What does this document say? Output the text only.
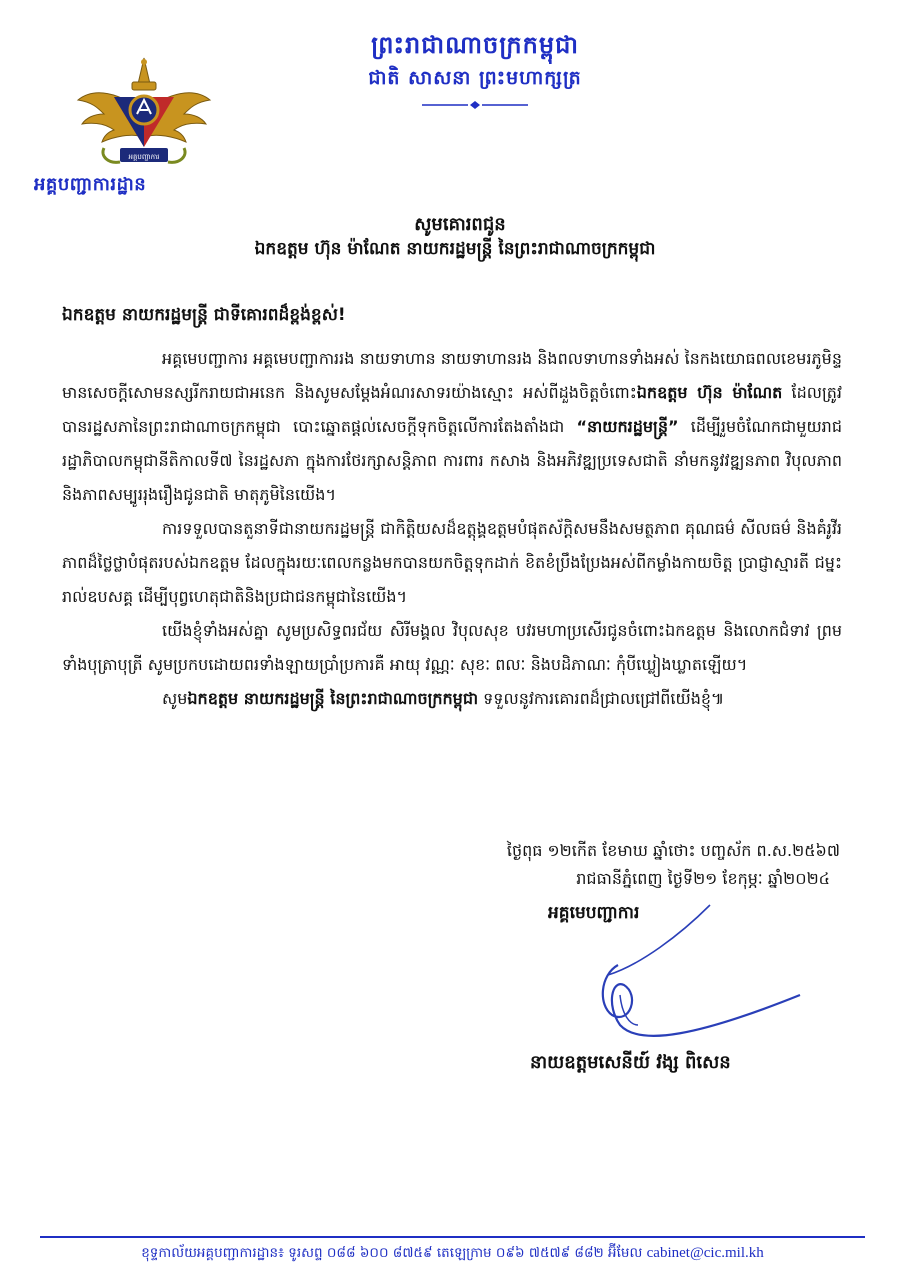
អគ្គបញ្ជាការ
អគ្គបញ្ជាការដ្ឋាន
ព្រះរាជាណាចក្រកម្ពុជា
ជាតិ សាសនា ព្រះមហាក្សត្រ
សូមគោរពជូន
ឯកឧត្តម ហ៊ុន ម៉ាណែត នាយករដ្ឋមន្ត្រី នៃព្រះរាជាណាចក្រកម្ពុជា
ឯកឧត្តម នាយករដ្ឋមន្ត្រី ជាទីគោរពដ៏ខ្ពង់ខ្ពស់!

អគ្គមេបញ្ជាការ អគ្គមេបញ្ជាការរង នាយទាហាន នាយទាហានរង និងពលទាហានទាំងអស់ នៃកងយោធពលខេមរភូមិន្ទ មានសេចក្តីសោមនស្សរីករាយជាអនេក និងសូមសម្តែងអំណរសាទរយ៉ាងស្មោះ អស់ពីដួងចិត្តចំពោះឯកឧត្តម ហ៊ុន ម៉ាណែត ដែលត្រូវបានរដ្ឋសភានៃព្រះរាជាណាចក្រកម្ពុជា បោះឆ្នោតផ្តល់សេចក្តីទុកចិត្តលើការតែងតាំងជា “នាយករដ្ឋមន្ត្រី” ដើម្បីរួមចំណែកជាមួយរាជរដ្ឋាភិបាលកម្ពុជានីតិកាលទី៧ នៃរដ្ឋសភា ក្នុងការថែរក្សាសន្តិភាព ការពារ កសាង និងអភិវឌ្ឍប្រទេសជាតិ នាំមកនូវវឌ្ឍនភាព វិបុលភាព និងភាពសម្បូររុងរឿងជូនជាតិ មាតុភូមិនៃយើង។

ការទទួលបានតួនាទីជានាយករដ្ឋមន្ត្រី ជាកិត្តិយសដ៏ឧត្តុង្គឧត្តមបំផុតស័ក្តិសមនឹងសមត្ថភាព គុណធម៌ សីលធម៌ និងគំរូវីរភាពដ៏ថ្លៃថ្លាបំផុតរបស់ឯកឧត្តម ដែលក្នុងរយៈពេលកន្លងមកបានយកចិត្តទុកដាក់ ខិតខំប្រឹងប្រែងអស់ពីកម្លាំងកាយចិត្ត ប្រាជ្ញាស្មារតី ជម្នះរាល់ឧបសគ្គ ដើម្បីបុព្វហេតុជាតិនិងប្រជាជនកម្ពុជានៃយើង។

យើងខ្ញុំទាំងអស់គ្នា សូមប្រសិទ្ធពរជ័យ សិរីមង្គល វិបុលសុខ បវរមហាប្រសើរជូនចំពោះឯកឧត្តម និងលោកជំទាវ ព្រមទាំងបុត្រាបុត្រី សូមប្រកបដោយពរទាំងឡាយប្រាំប្រការគឺ អាយុ វណ្ណៈ សុខៈ ពលៈ និងបដិភាណៈ កុំបីឃ្លៀងឃ្លាតឡើយ។

សូមឯកឧត្តម នាយករដ្ឋមន្ត្រី នៃព្រះរាជាណាចក្រកម្ពុជា ទទួលនូវការគោរពដ៏ជ្រាលជ្រៅពីយើងខ្ញុំ៕

ថ្ងៃពុធ ១២កើត ខែមាឃ ឆ្នាំថោះ បញ្ចស័ក ព.ស.២៥៦៧
រាជធានីភ្នំពេញ ថ្ងៃទី២១ ខែកុម្ភៈ ឆ្នាំ២០២៤
អគ្គមេបញ្ជាការ
នាយឧត្តមសេនីយ៍ វង្ស ពិសេន
ខុទ្ទកាល័យអគ្គបញ្ជាការដ្ឋាន៖ ទូរសព្ទ ០៨៨ ៦០០ ៨៧៥៩ តេឡេក្រាម ០៩៦ ៧៥៧៩ ៨៨២ អ៊ីមែល cabinet@cic.mil.kh
